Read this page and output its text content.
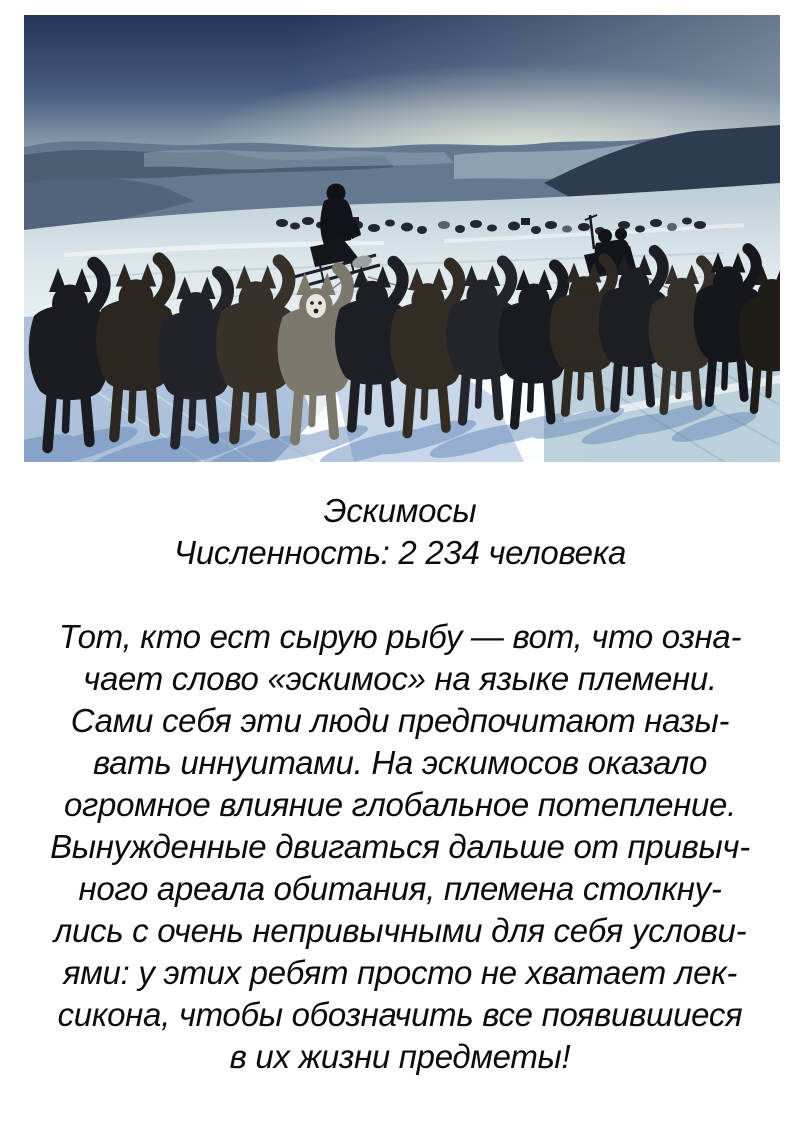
Эскимосы
Численность: 2 234 человека
Тот, кто ест сырую рыбу — вот, что озна-
чает слово «эскимос» на языке племени.
Сами себя эти люди предпочитают назы-
вать иннуитами. На эскимосов оказало
огромное влияние глобальное потепление.
Вынужденные двигаться дальше от привыч-
ного ареала обитания, племена столкну-
лись с очень непривычными для себя услови-
ями: у этих ребят просто не хватает лек-
сикона, чтобы обозначить все появившиеся
в их жизни предметы!
